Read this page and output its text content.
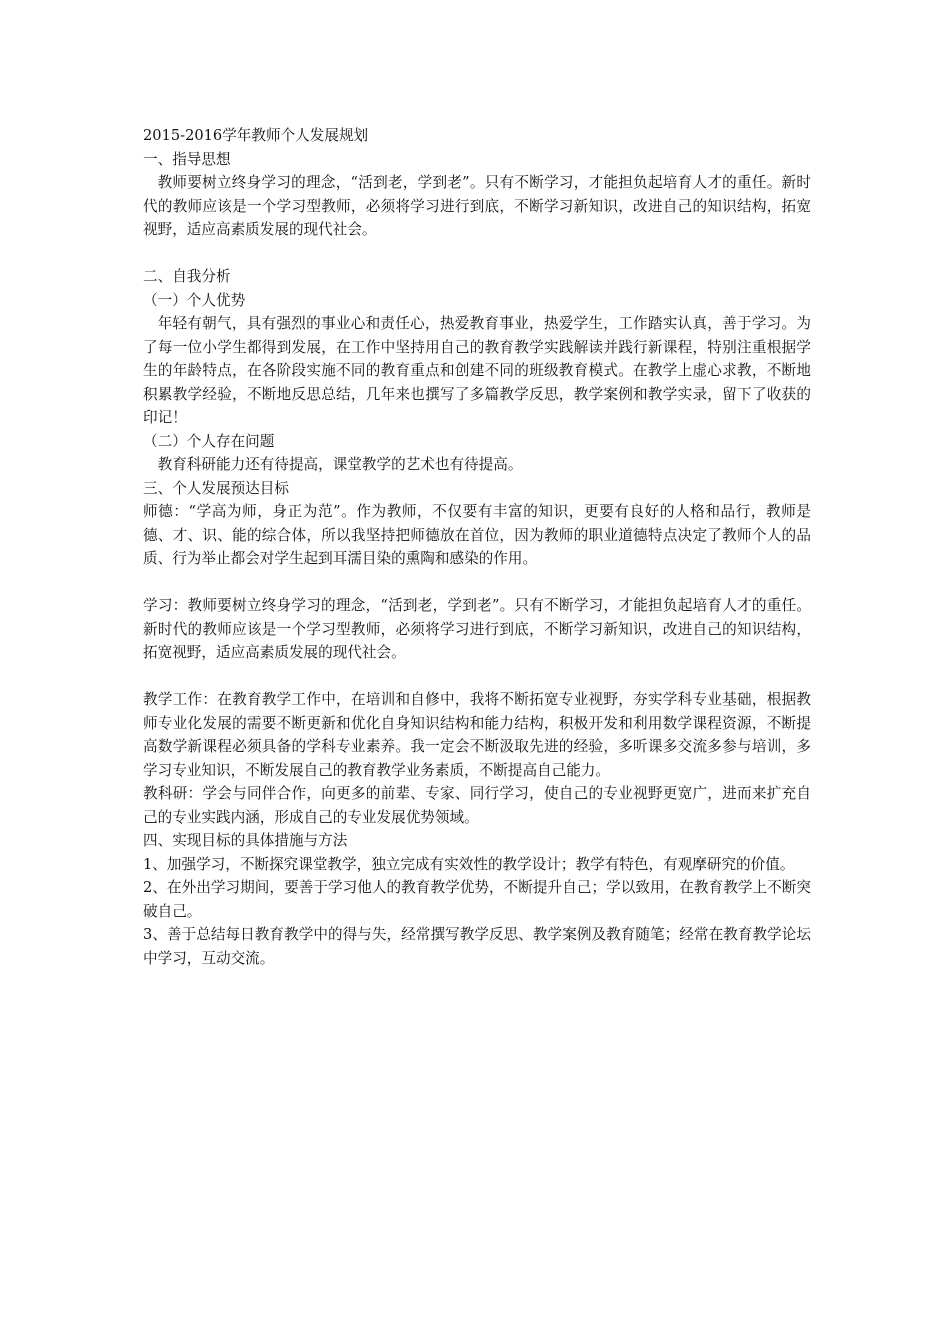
2015-2016学年教师个人发展规划

一、指导思想

教师要树立终身学习的理念，“活到老，学到老”。只有不断学习，才能担负起培育人才的重任。新时代的教师应该是一个学习型教师，必须将学习进行到底，不断学习新知识，改进自己的知识结构，拓宽视野，适应高素质发展的现代社会。

二、自我分析

（一）个人优势

年轻有朝气，具有强烈的事业心和责任心，热爱教育事业，热爱学生，工作踏实认真，善于学习。为了每一位小学生都得到发展，在工作中坚持用自己的教育教学实践解读并践行新课程，特别注重根据学生的年龄特点，在各阶段实施不同的教育重点和创建不同的班级教育模式。在教学上虚心求教，不断地积累教学经验，不断地反思总结，几年来也撰写了多篇教学反思，教学案例和教学实录，留下了收获的印记！

（二）个人存在问题

教育科研能力还有待提高，课堂教学的艺术也有待提高。

三、个人发展预达目标

师德：“学高为师，身正为范”。作为教师，不仅要有丰富的知识，更要有良好的人格和品行，教师是德、才、识、能的综合体，所以我坚持把师德放在首位，因为教师的职业道德特点决定了教师个人的品质、行为举止都会对学生起到耳濡目染的熏陶和感染的作用。

学习：教师要树立终身学习的理念，“活到老，学到老”。只有不断学习，才能担负起培育人才的重任。新时代的教师应该是一个学习型教师，必须将学习进行到底，不断学习新知识，改进自己的知识结构，拓宽视野，适应高素质发展的现代社会。

教学工作：在教育教学工作中，在培训和自修中，我将不断拓宽专业视野，夯实学科专业基础，根据教师专业化发展的需要不断更新和优化自身知识结构和能力结构，积极开发和利用数学课程资源，不断提高数学新课程必须具备的学科专业素养。我一定会不断汲取先进的经验，多听课多交流多参与培训，多学习专业知识，不断发展自己的教育教学业务素质，不断提高自己能力。

教科研：学会与同伴合作，向更多的前辈、专家、同行学习，使自己的专业视野更宽广，进而来扩充自己的专业实践内涵，形成自己的专业发展优势领域。

四、实现目标的具体措施与方法

1、加强学习，不断探究课堂教学，独立完成有实效性的教学设计；教学有特色，有观摩研究的价值。

2、在外出学习期间，要善于学习他人的教育教学优势，不断提升自己；学以致用，在教育教学上不断突破自己。

3、善于总结每日教育教学中的得与失，经常撰写教学反思、教学案例及教育随笔；经常在教育教学论坛中学习，互动交流。
